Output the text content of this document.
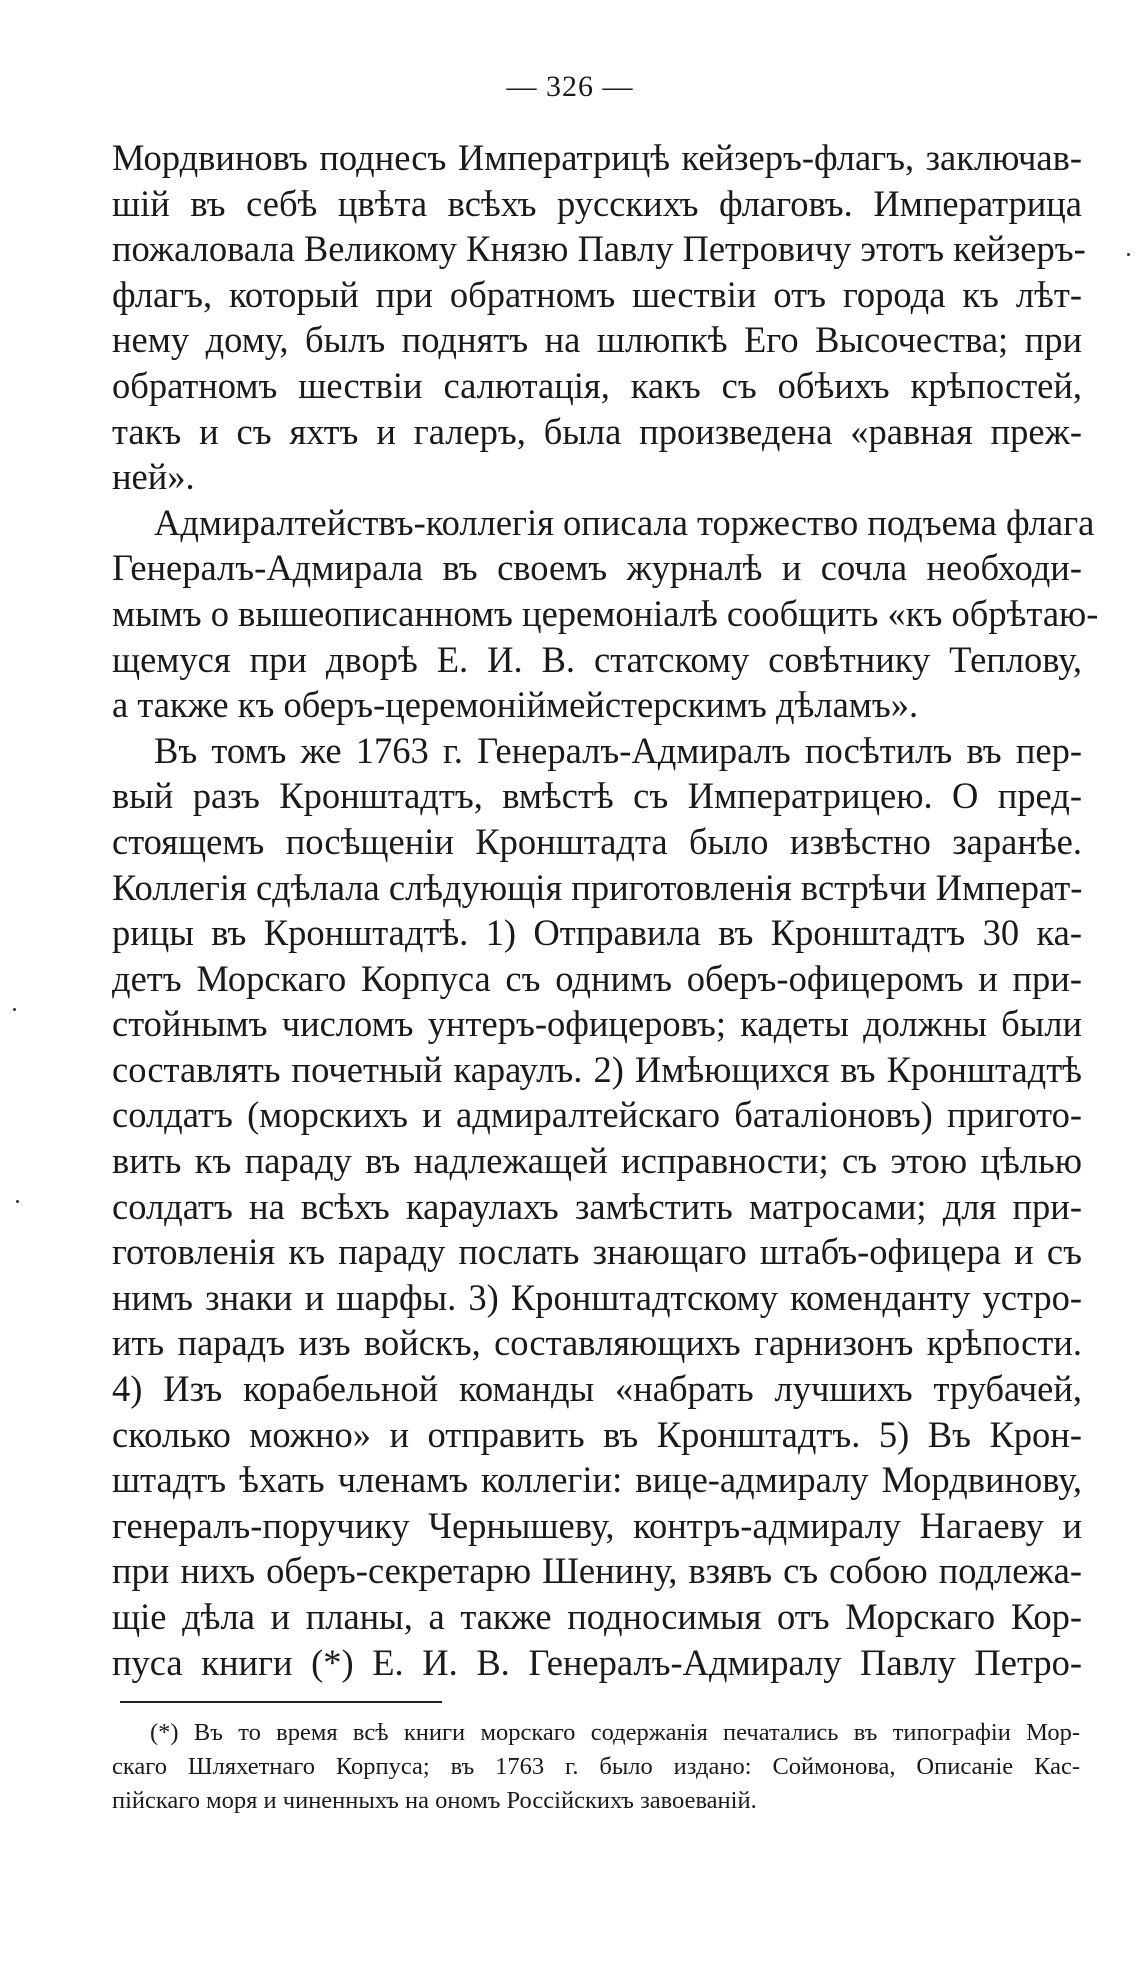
— 326 —
Мордвиновъ поднесъ Императрицѣ кейзеръ-флагъ, заключав-
шій въ себѣ цвѣта всѣхъ русскихъ флаговъ. Императрица
пожаловала Великому Князю Павлу Петровичу этотъ кейзеръ-
флагъ, который при обратномъ шествіи отъ города къ лѣт-
нему дому, былъ поднятъ на шлюпкѣ Его Высочества; при
обратномъ шествіи салютація, какъ съ обѣихъ крѣпостей,
такъ и съ яхтъ и галеръ, была произведена «равная преж-
ней».
Адмиралтействъ-коллегія описала торжество подъема флага
Генералъ-Адмирала въ своемъ журналѣ и сочла необходи-
мымъ о вышеописанномъ церемоніалѣ сообщить «къ обрѣтаю-
щемуся при дворѣ Е. И. В. статскому совѣтнику Теплову,
а также къ оберъ-церемоніймейстерскимъ дѣламъ».
Въ томъ же 1763 г. Генералъ-Адмиралъ посѣтилъ въ пер-
вый разъ Кронштадтъ, вмѣстѣ съ Императрицею. О пред-
стоящемъ посѣщеніи Кронштадта было извѣстно заранѣе.
Коллегія сдѣлала слѣдующія приготовленія встрѣчи Императ-
рицы въ Кронштадтѣ. 1) Отправила въ Кронштадтъ 30 ка-
детъ Морскаго Корпуса съ однимъ оберъ-офицеромъ и при-
стойнымъ числомъ унтеръ-офицеровъ; кадеты должны были
составлять почетный караулъ. 2) Имѣющихся въ Кронштадтѣ
солдатъ (морскихъ и адмиралтейскаго баталіоновъ) пригото-
вить къ параду въ надлежащей исправности; съ этою цѣлью
солдатъ на всѣхъ караулахъ замѣстить матросами; для при-
готовленія къ параду послать знающаго штабъ-офицера и съ
нимъ знаки и шарфы. 3) Кронштадтскому коменданту устро-
ить парадъ изъ войскъ, составляющихъ гарнизонъ крѣпости.
4) Изъ корабельной команды «набрать лучшихъ трубачей,
сколько можно» и отправить въ Кронштадтъ. 5) Въ Крон-
штадтъ ѣхать членамъ коллегіи: вице-адмиралу Мордвинову,
генералъ-поручику Чернышеву, контръ-адмиралу Нагаеву и
при нихъ оберъ-секретарю Шенину, взявъ съ собою подлежа-
щіе дѣла и планы, а также подносимыя отъ Морскаго Кор-
пуса книги (*) Е. И. В. Генералъ-Адмиралу Павлу Петро-
(*) Въ то время всѣ книги морскаго содержанія печатались въ типографіи Мор-
скаго Шляхетнаго Корпуса; въ 1763 г. было издано: Соймонова, Описаніе Кас-
пійскаго моря и чиненныхъ на ономъ Россійскихъ завоеваній.
